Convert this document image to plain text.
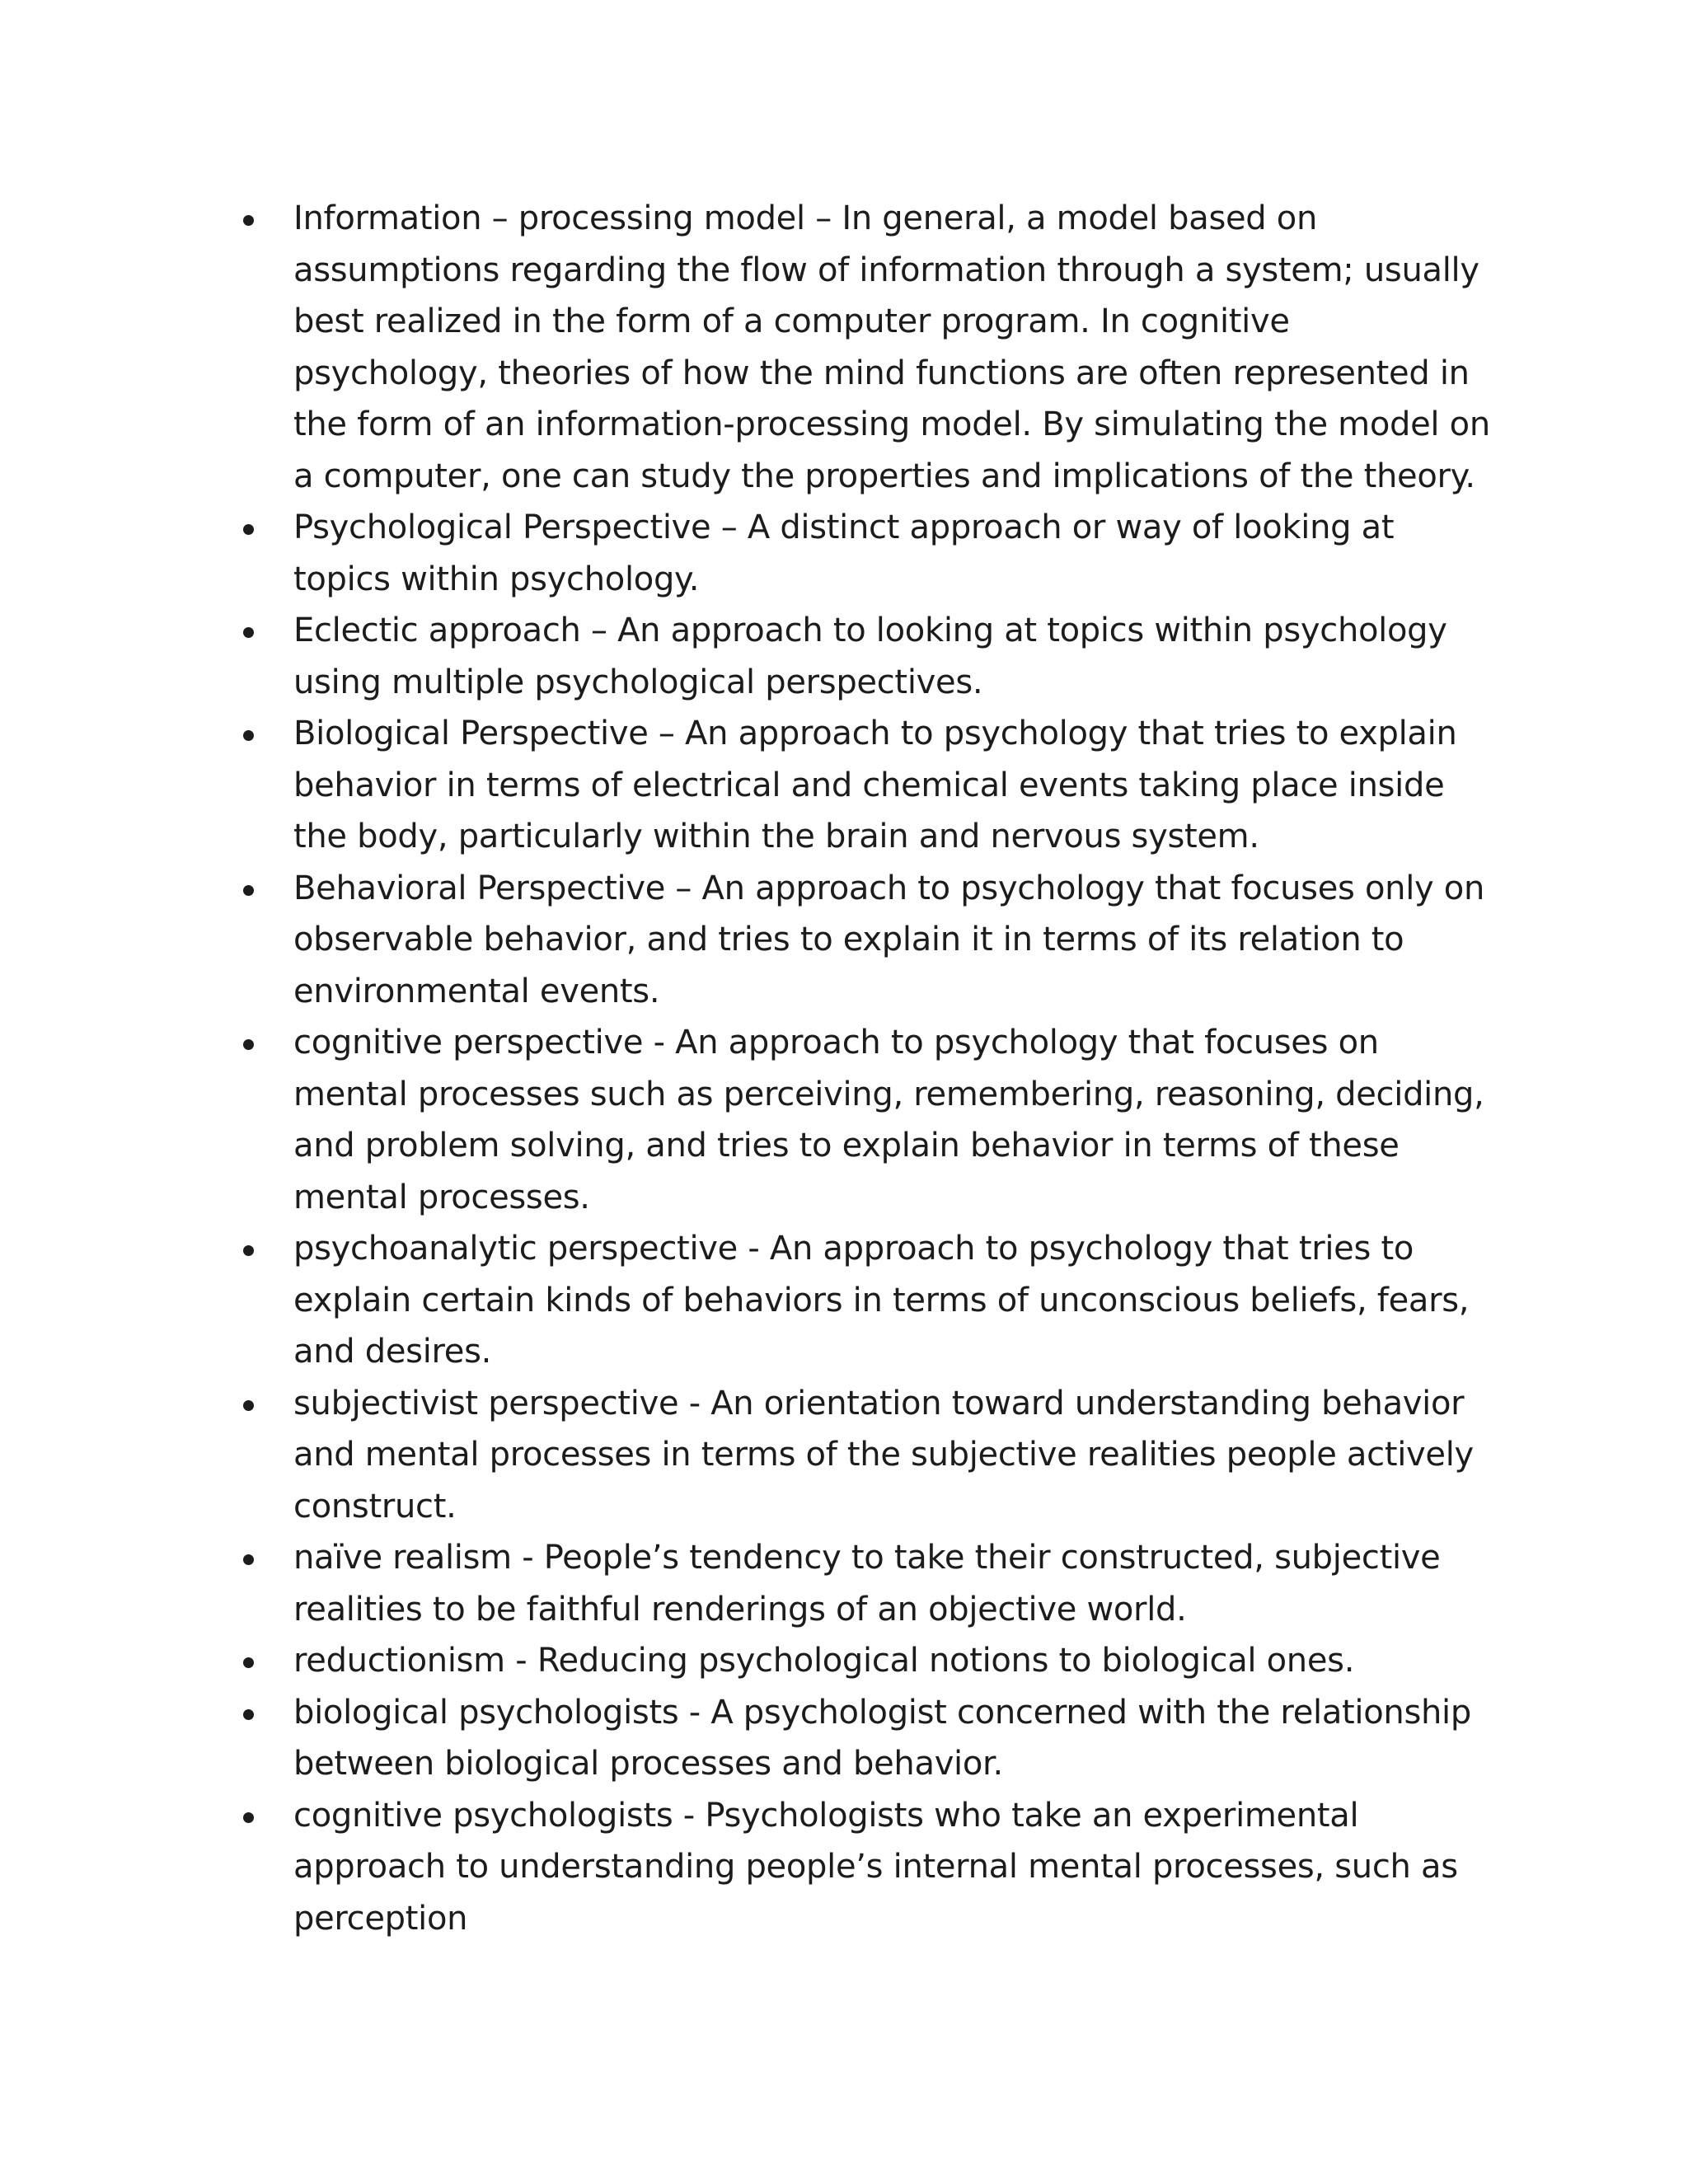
Information – processing model – In general, a model based on assumptions regarding the flow of information through a system; usually best realized in the form of a computer program. In cognitive psychology, theories of how the mind functions are often represented in the form of an information-processing model. By simulating the model on a computer, one can study the properties and implications of the theory.
Psychological Perspective – A distinct approach or way of looking at topics within psychology.
Eclectic approach – An approach to looking at topics within psychology using multiple psychological perspectives.
Biological Perspective – An approach to psychology that tries to explain behavior in terms of electrical and chemical events taking place inside the body, particularly within the brain and nervous system.
Behavioral Perspective – An approach to psychology that focuses only on observable behavior, and tries to explain it in terms of its relation to environmental events.
cognitive perspective - An approach to psychology that focuses on mental processes such as perceiving, remembering, reasoning, deciding, and problem solving, and tries to explain behavior in terms of these mental processes.
psychoanalytic perspective - An approach to psychology that tries to explain certain kinds of behaviors in terms of unconscious beliefs, fears, and desires.
subjectivist perspective - An orientation toward understanding behavior and mental processes in terms of the subjective realities people actively construct.
naïve realism - People’s tendency to take their constructed, subjective realities to be faithful renderings of an objective world.
reductionism - Reducing psychological notions to biological ones.
biological psychologists - A psychologist concerned with the relationship between biological processes and behavior.
cognitive psychologists - Psychologists who take an experimental approach to understanding people’s internal mental processes, such as perception
